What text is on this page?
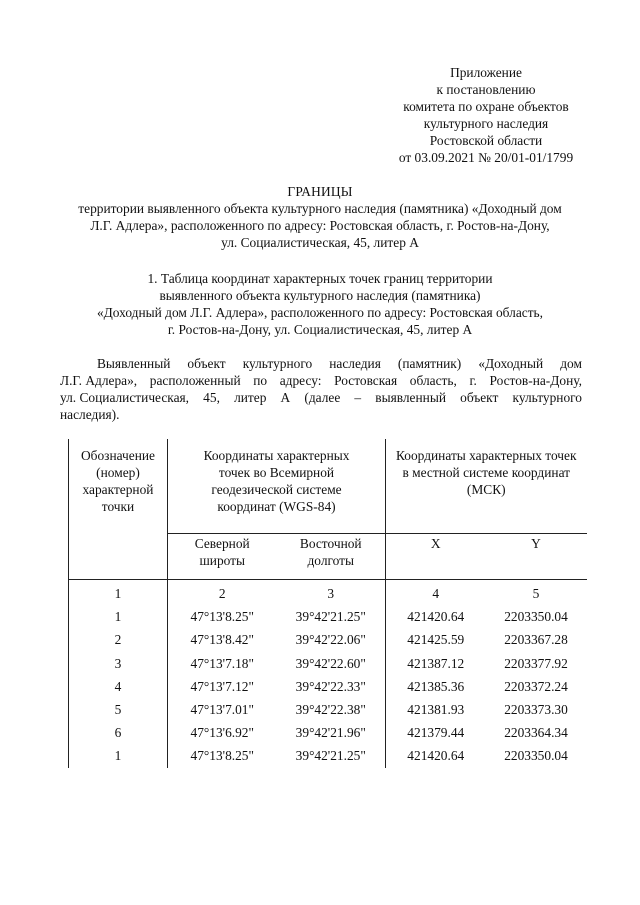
Приложение
к постановлению
комитета по охране объектов
культурного наследия
Ростовской области
от 03.09.2021 № 20/01-01/1799
ГРАНИЦЫ
территории выявленного объекта культурного наследия (памятника) «Доходный дом
Л.Г. Адлера», расположенного по адресу: Ростовская область, г. Ростов-на-Дону,
ул. Социалистическая, 45, литер А
1. Таблица координат характерных точек границ территории
выявленного объекта культурного наследия (памятника)
«Доходный дом Л.Г. Адлера», расположенного по адресу: Ростовская область,
г. Ростов-на-Дону, ул. Социалистическая, 45, литер А
Выявленный объект культурного наследия (памятник) «Доходный дом
Л.Г. Адлера», расположенный по адресу: Ростовская область, г. Ростов-на-Дону,
ул. Социалистическая, 45, литер А (далее – выявленный объект культурного
наследия).
Обозначение (номер) характерной точки	Координаты характерных точек во Всемирной геодезической системе координат (WGS-84)		Координаты характерных точек в местной системе координат (МСК)	
	Северной широты	Восточной долготы	X	Y
1	2	3	4	5
1	47°13'8.25"	39°42'21.25"	421420.64	2203350.04
2	47°13'8.42"	39°42'22.06"	421425.59	2203367.28
3	47°13'7.18"	39°42'22.60"	421387.12	2203377.92
4	47°13'7.12"	39°42'22.33"	421385.36	2203372.24
5	47°13'7.01"	39°42'22.38"	421381.93	2203373.30
6	47°13'6.92"	39°42'21.96"	421379.44	2203364.34
1	47°13'8.25"	39°42'21.25"	421420.64	2203350.04
